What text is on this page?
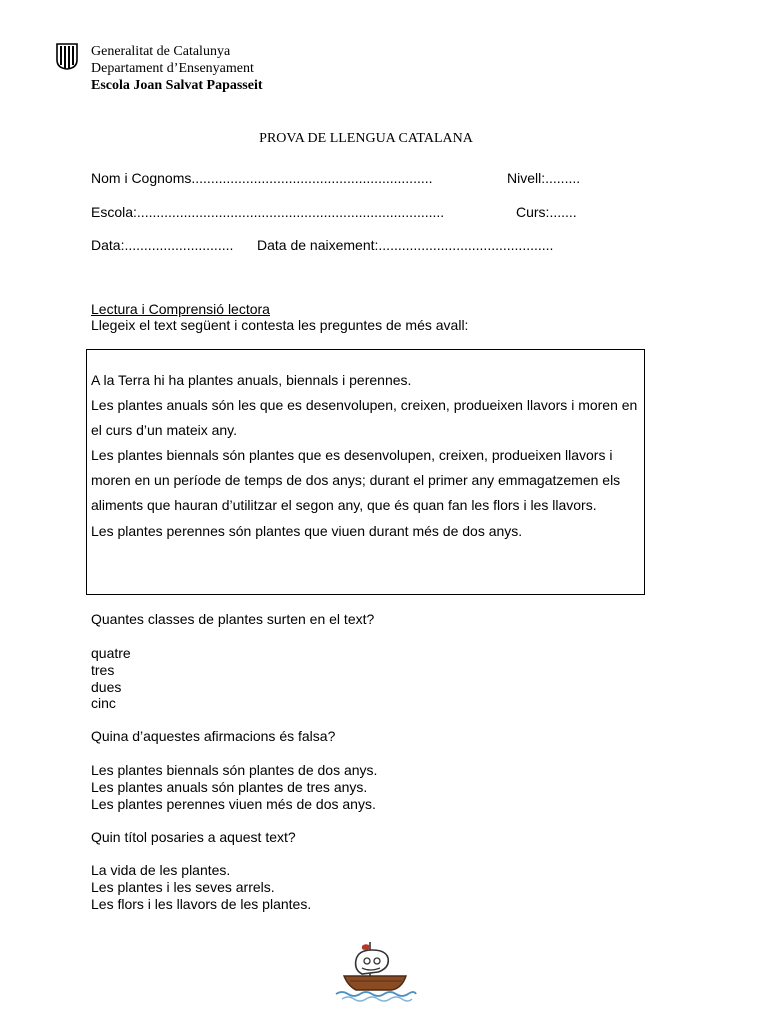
Generalitat de Catalunya
Departament d’Ensenyament
Escola Joan Salvat Papasseit
PROVA DE LLENGUA CATALANA
Nom i Cognoms..............................................................	Nivell:.........
Escola:...............................................................................	Curs:.......
Data:............................ Data de naixement:.............................................
Lectura i Comprensió lectora
Llegeix el text següent i contesta les preguntes de més avall:

A la Terra hi ha plantes anuals, biennals i perennes.

Les plantes anuals són les que es desenvolupen, creixen, produeixen llavors i moren en el curs d’un mateix any.

Les plantes biennals són plantes que es desenvolupen, creixen, produeixen llavors i moren en un període de temps de dos anys; durant el primer any emmagatzemen els aliments que hauran d’utilitzar el segon any, que és quan fan les flors i les llavors.

Les plantes perennes són plantes que viuen durant més de dos anys.

Quantes classes de plantes surten en el text?
quatre
tres
dues
cinc
Quina d’aquestes afirmacions és falsa?
Les plantes biennals són plantes de dos anys.
Les plantes anuals són plantes de tres anys.
Les plantes perennes viuen més de dos anys.
Quin títol posaries a aquest text?
La vida de les plantes.
Les plantes i les seves arrels.
Les flors i les llavors de les plantes.
